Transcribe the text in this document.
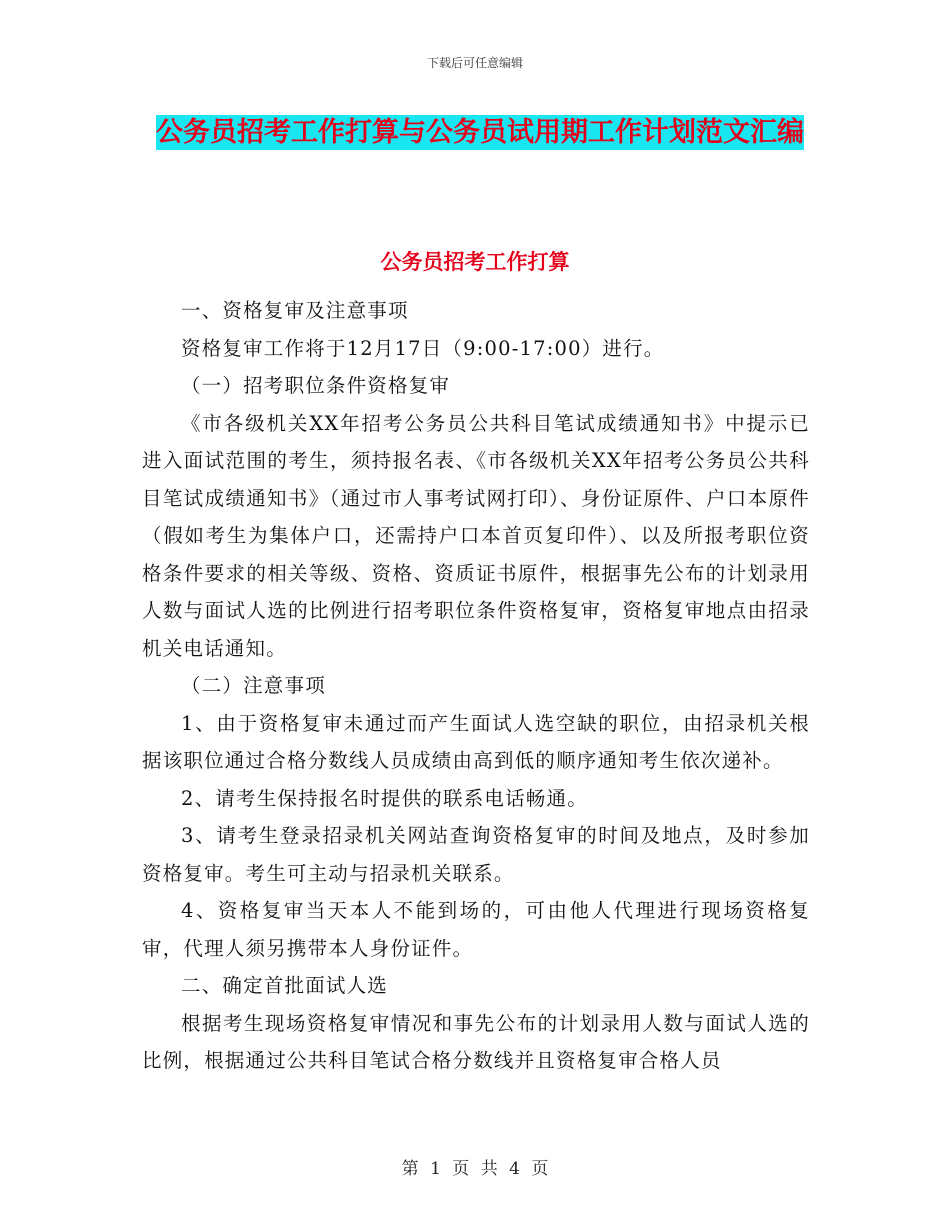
下载后可任意编辑
公务员招考工作打算与公务员试用期工作计划范文汇编
公务员招考工作打算

一、资格复审及注意事项

资格复审工作将于12月17日（9:00-17:00）进行。

（一）招考职位条件资格复审

《市各级机关XX年招考公务员公共科目笔试成绩通知书》中提示已进入面试范围的考生，须持报名表、《市各级机关XX年招考公务员公共科目笔试成绩通知书》（通过市人事考试网打印）、身份证原件、户口本原件（假如考生为集体户口，还需持户口本首页复印件）、以及所报考职位资格条件要求的相关等级、资格、资质证书原件，根据事先公布的计划录用人数与面试人选的比例进行招考职位条件资格复审，资格复审地点由招录机关电话通知。

（二）注意事项

1、由于资格复审未通过而产生面试人选空缺的职位，由招录机关根据该职位通过合格分数线人员成绩由高到低的顺序通知考生依次递补。

2、请考生保持报名时提供的联系电话畅通。

3、请考生登录招录机关网站查询资格复审的时间及地点，及时参加资格复审。考生可主动与招录机关联系。

4、资格复审当天本人不能到场的，可由他人代理进行现场资格复审，代理人须另携带本人身份证件。

二、确定首批面试人选

根据考生现场资格复审情况和事先公布的计划录用人数与面试人选的比例，根据通过公共科目笔试合格分数线并且资格复审合格人员

第 1 页 共 4 页
